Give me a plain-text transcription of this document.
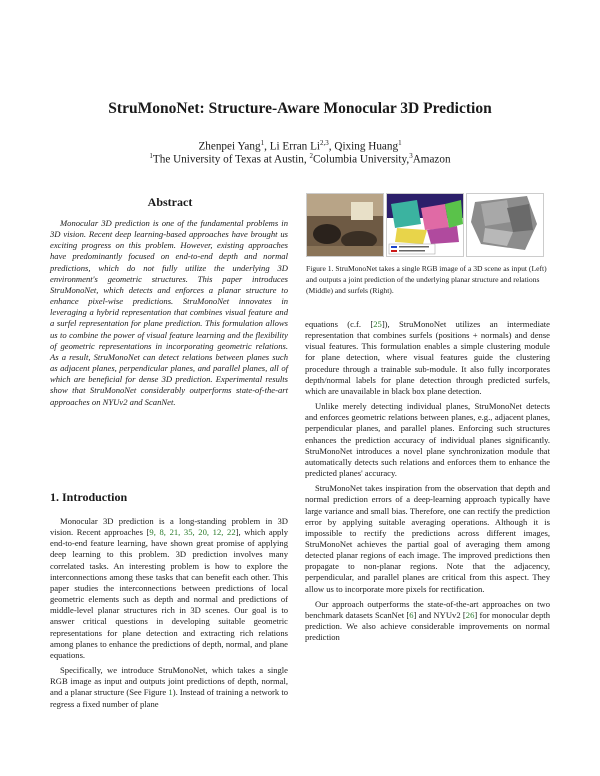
StruMonoNet: Structure-Aware Monocular 3D Prediction
Zhenpei Yang$^1$, Li Erran Li$^{2,3}$, Qixing Huang$^1$
$^1$The University of Texas at Austin, $^2$Columbia University,$^3$Amazon
Abstract
Monocular 3D prediction is one of the fundamental problems in 3D vision. Recent deep learning-based approaches have brought us exciting progress on this problem. However, existing approaches have predominantly focused on end-to-end depth and normal predictions, which do not fully utilize the underlying 3D environment's geometric structures. This paper introduces StruMonoNet, which detects and enforces a planar structure to enhance pixel-wise predictions. StruMonoNet innovates in leveraging a hybrid representation that combines visual feature and a surfel representation for plane prediction. This formulation allows us to combine the power of visual feature learning and the flexibility of geometric representations in incorporating geometric relations. As a result, StruMonoNet can detect relations between planes such as adjacent planes, perpendicular planes, and parallel planes, all of which are beneficial for dense 3D prediction. Experimental results show that StruMonoNet considerably outperforms state-of-the-art approaches on NYUv2 and ScanNet.
1. Introduction

Monocular 3D prediction is a long-standing problem in 3D vision. Recent approaches [9, 8, 21, 35, 20, 12, 22], which apply end-to-end feature learning, have shown great promise of applying deep learning to this problem. 3D prediction involves many correlated tasks. An interesting problem is how to explore the interconnections among these tasks that can benefit each other. This paper studies the interconnections between predictions of local geometric elements such as depth and normal and predictions of middle-level planar structures rich in 3D scenes. Our goal is to answer critical questions in developing suitable geometric representations for plane detection and extracting rich relations among planes to enhance the predictions of depth, normal, and plane equations.

Specifically, we introduce StruMonoNet, which takes a single RGB image as input and outputs joint predictions of depth, normal, and a planar structure (See Figure 1). Instead of training a network to regress a fixed number of plane

Figure 1. StruMonoNet takes a single RGB image of a 3D scene as input (Left) and outputs a joint prediction of the underlying planar structure and relations (Middle) and surfels (Right).

equations (c.f. [25]), StruMonoNet utilizes an intermediate representation that combines surfels (positions + normals) and dense visual features. This formulation enables a simple clustering module for plane detection, where visual features guide the clustering procedure through a trainable sub-module. It also fully incorporates depth/normal labels for plane detection through predicted surfels, which are unavailable in black box plane detection.

Unlike merely detecting individual planes, StruMonoNet detects and enforces geometric relations between planes, e.g., adjacent planes, perpendicular planes, and parallel planes. Enforcing such structures enhances the prediction accuracy of individual planes significantly. StruMonoNet introduces a novel plane synchronization module that automatically detects such relations and enforces them to enhance the predicted planes' accuracy.

StruMonoNet takes inspiration from the observation that depth and normal prediction errors of a deep-learning approach typically have large variance and small bias. Therefore, one can rectify the prediction error by applying suitable averaging operations. Although it is impossible to rectify the predictions across different images, StruMonoNet achieves the partial goal of averaging them among detected planar regions of each image. The improved predictions then propagate to non-planar regions. Note that the adjacency, perpendicular, and parallel planes are critical from this aspect. They allow us to incorporate more pixels for rectification.

Our approach outperforms the state-of-the-art approaches on two benchmark datasets ScanNet [6] and NYUv2 [26] for monocular depth prediction. We also achieve considerable improvements on normal prediction
